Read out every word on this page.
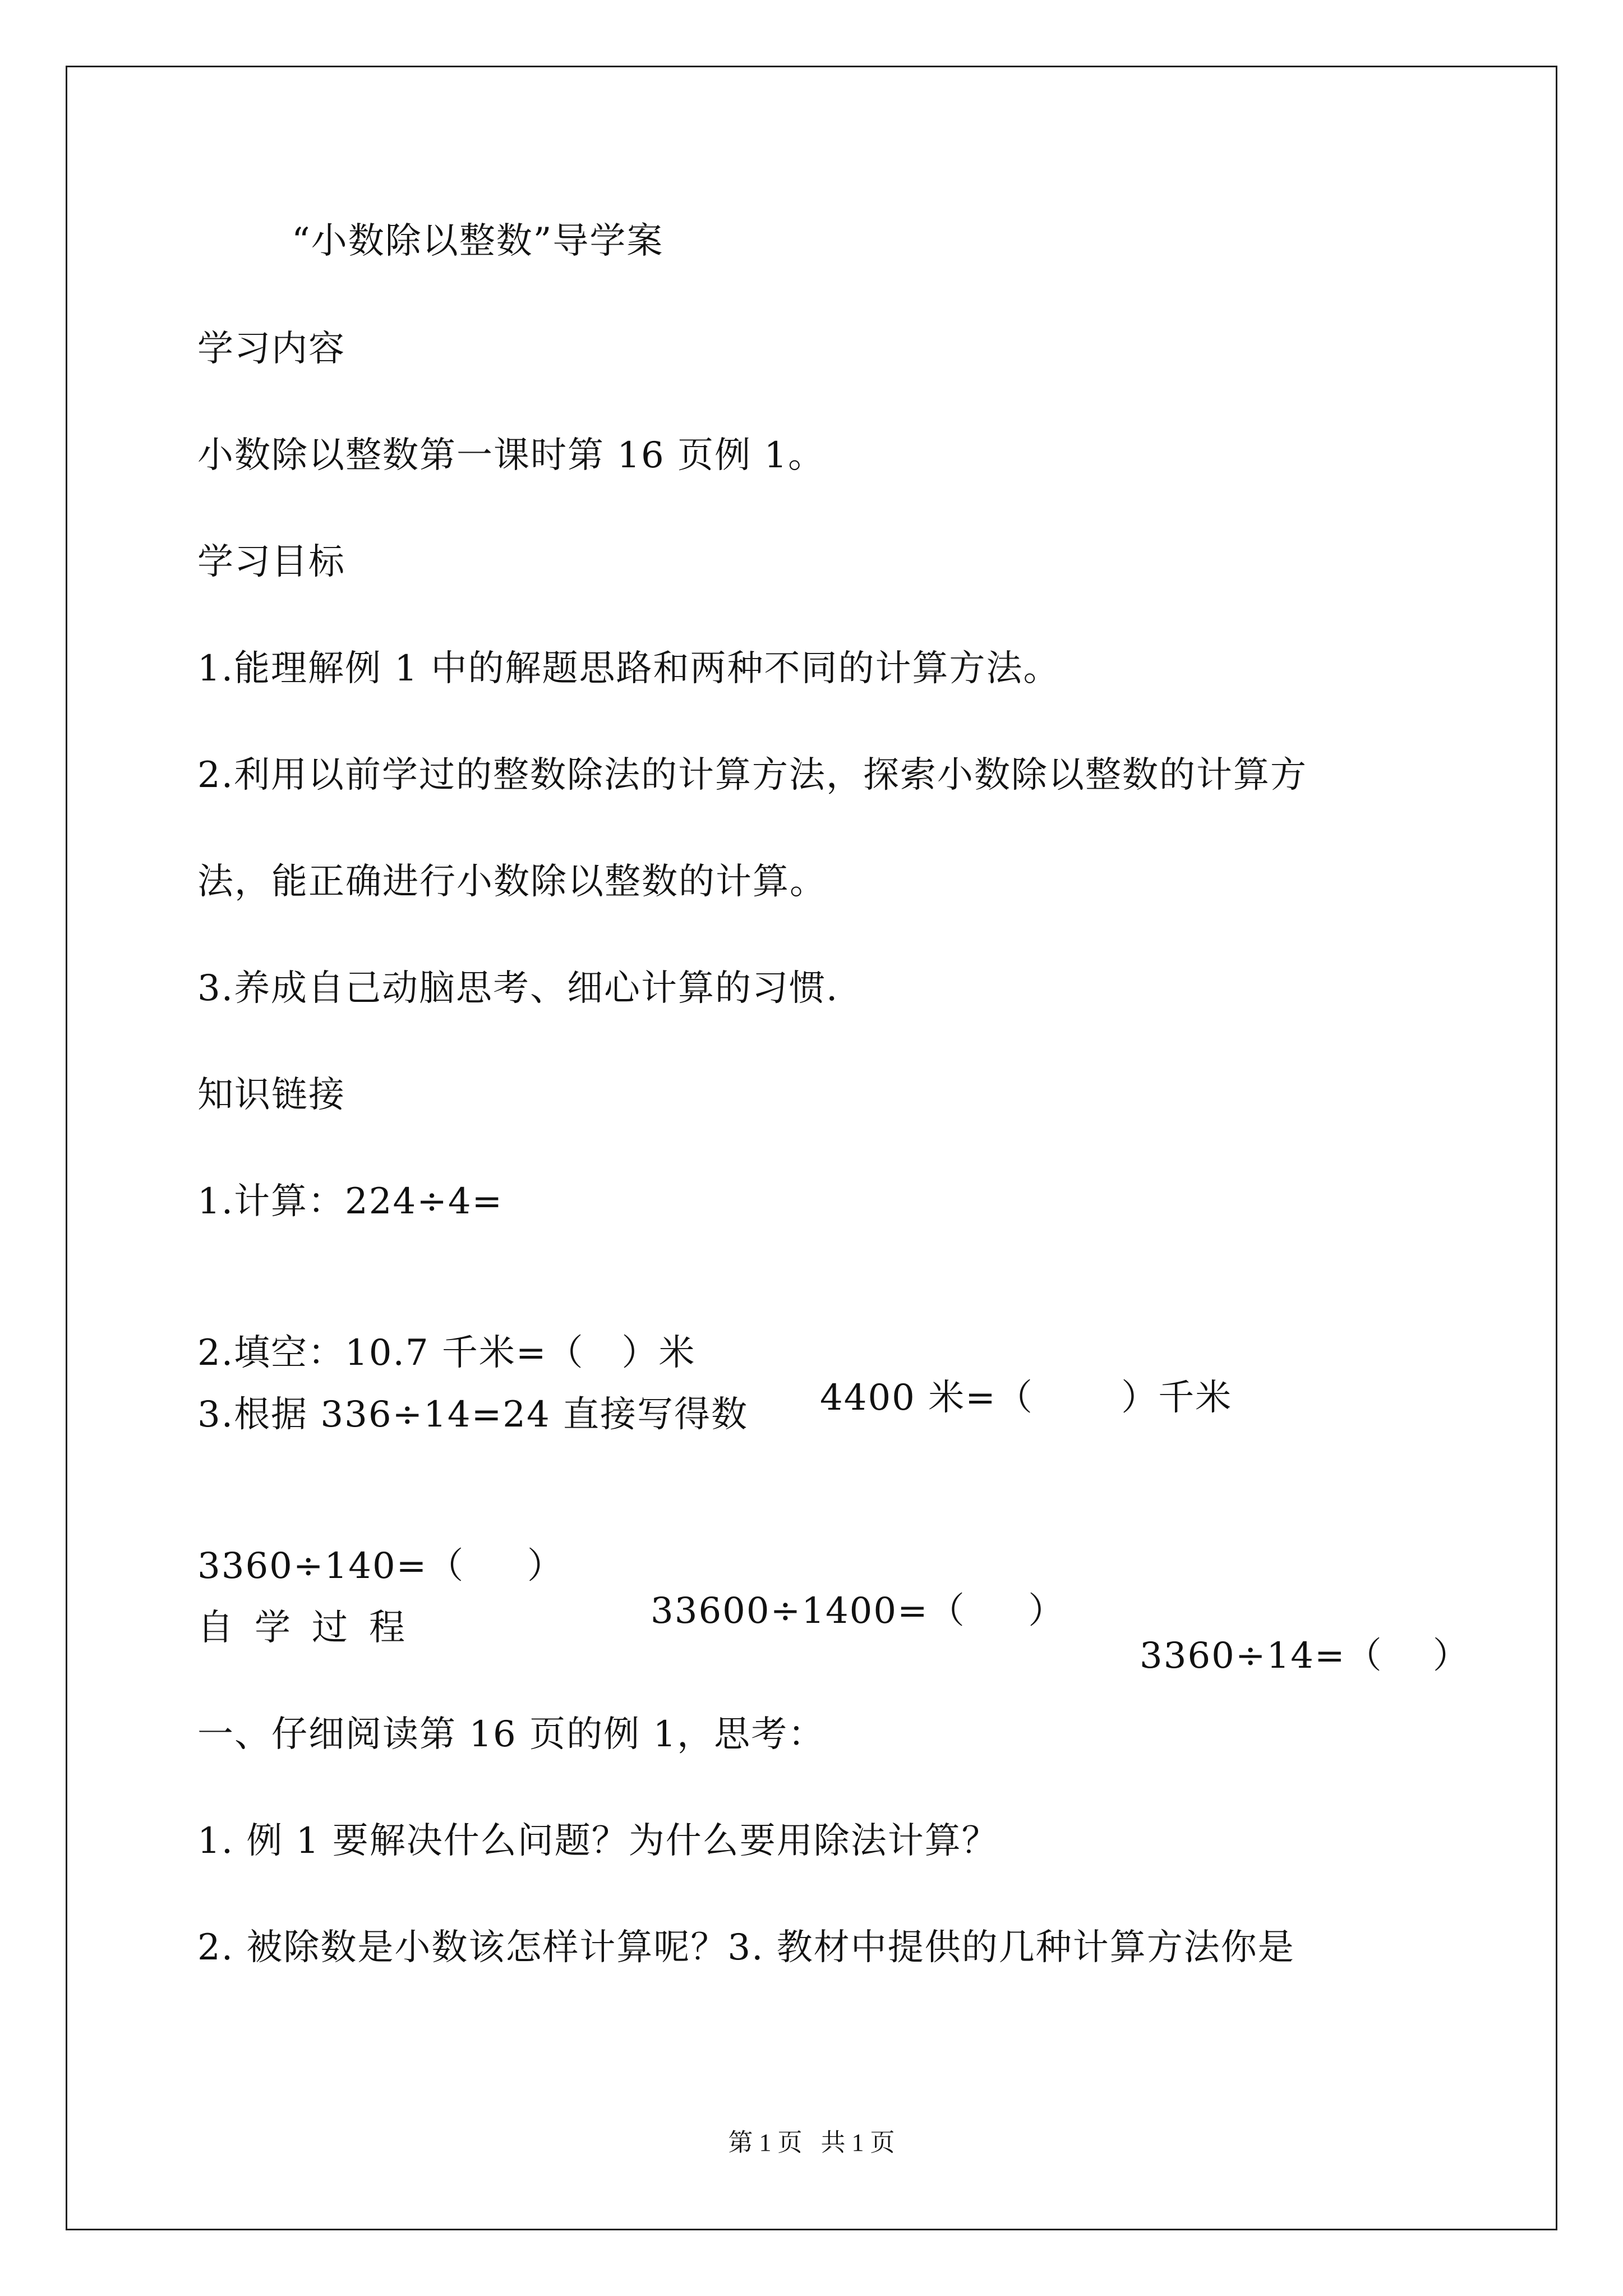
“小数除以整数”导学案
学习内容
小数除以整数第一课时第 16 页例 1。
学习目标
1.能理解例 1 中的解题思路和两种不同的计算方法。
2.利用以前学过的整数除法的计算方法，探索小数除以整数的计算方
法，能正确进行小数除以整数的计算。
3.养成自己动脑思考、细心计算的习惯.
知识链接
1.计算：224÷4=

2.填空：10.7 千米=（   ）米

4400 米=（       ）千米

3.根据 336÷14=24 直接写得数

3360÷140=（     ）

33600÷1400=（     ）

3360÷14=（    ）

自学过程
一、仔细阅读第 16 页的例 1，思考：
1. 例 1 要解决什么问题？为什么要用除法计算？
2. 被除数是小数该怎样计算呢？3. 教材中提供的几种计算方法你是
第 1 页   共 1 页
